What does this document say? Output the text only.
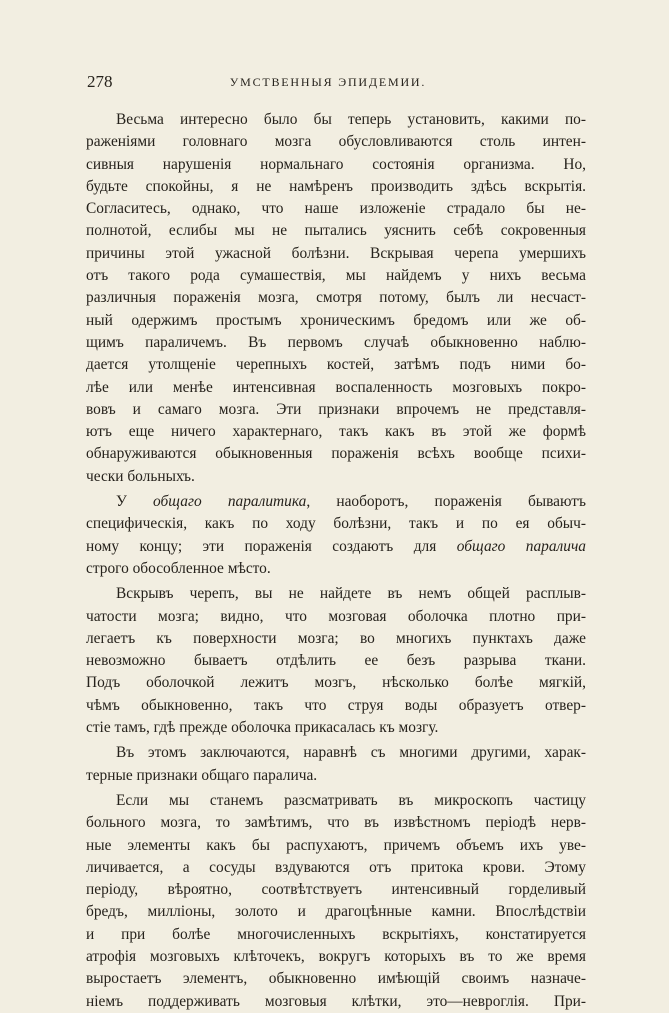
278	УМСТВЕННЫЯ ЭПИДЕМИИ.
Весьма интересно было бы теперь установить, какими по-
раженіями головнаго мозга обусловливаются столь интен-
сивныя нарушенія нормальнаго состоянія организма. Но,
будьте спокойны, я не намѣренъ производить здѣсь вскрытія.
Согласитесь, однако, что наше изложеніе страдало бы не-
полнотой, еслибы мы не пытались уяснить себѣ сокровенныя
причины этой ужасной болѣзни. Вскрывая черепа умершихъ
отъ такого рода сумашествія, мы найдемъ у нихъ весьма
различныя пораженія мозга, смотря потому, былъ ли несчаст-
ный одержимъ простымъ хроническимъ бредомъ или же об-
щимъ параличемъ. Въ первомъ случаѣ обыкновенно наблю-
дается утолщеніе черепныхъ костей, затѣмъ подъ ними бо-
лѣе или менѣе интенсивная воспаленность мозговыхъ покро-
вовъ и самаго мозга. Эти признаки впрочемъ не представля-
ютъ еще ничего характернаго, такъ какъ въ этой же формѣ
обнаруживаются обыкновенныя пораженія всѣхъ вообще психи-
чески больныхъ.
У общаго паралитика, наоборотъ, пораженія бываютъ
специфическія, какъ по ходу болѣзни, такъ и по ея обыч-
ному концу; эти пораженія создаютъ для общаго паралича
строго обособленное мѣсто.
Вскрывъ черепъ, вы не найдете въ немъ общей расплыв-
чатости мозга; видно, что мозговая оболочка плотно при-
легаетъ къ поверхности мозга; во многихъ пунктахъ даже
невозможно бываетъ отдѣлить ее безъ разрыва ткани.
Подъ оболочкой лежитъ мозгъ, нѣсколько болѣе мягкій,
чѣмъ обыкновенно, такъ что струя воды образуетъ отвер-
стіе тамъ, гдѣ прежде оболочка прикасалась къ мозгу.
Въ этомъ заключаются, наравнѣ съ многими другими, харак-
терные признаки общаго паралича.
Если мы станемъ разсматривать въ микроскопъ частицу
больного мозга, то замѣтимъ, что въ извѣстномъ періодѣ нерв-
ные элементы какъ бы распухаютъ, причемъ объемъ ихъ уве-
личивается, а сосуды вздуваются отъ притока крови. Этому
періоду, вѣроятно, соотвѣтствуетъ интенсивный горделивый
бредъ, милліоны, золото и драгоцѣнные камни. Впослѣдствіи
и при болѣе многочисленныхъ вскрытіяхъ, констатируется
атрофія мозговыхъ клѣточекъ, вокругъ которыхъ въ то же время
выростаетъ элементъ, обыкновенно имѣющій своимъ назначе-
ніемъ поддерживать мозговыя клѣтки, это—невроглія. При-
